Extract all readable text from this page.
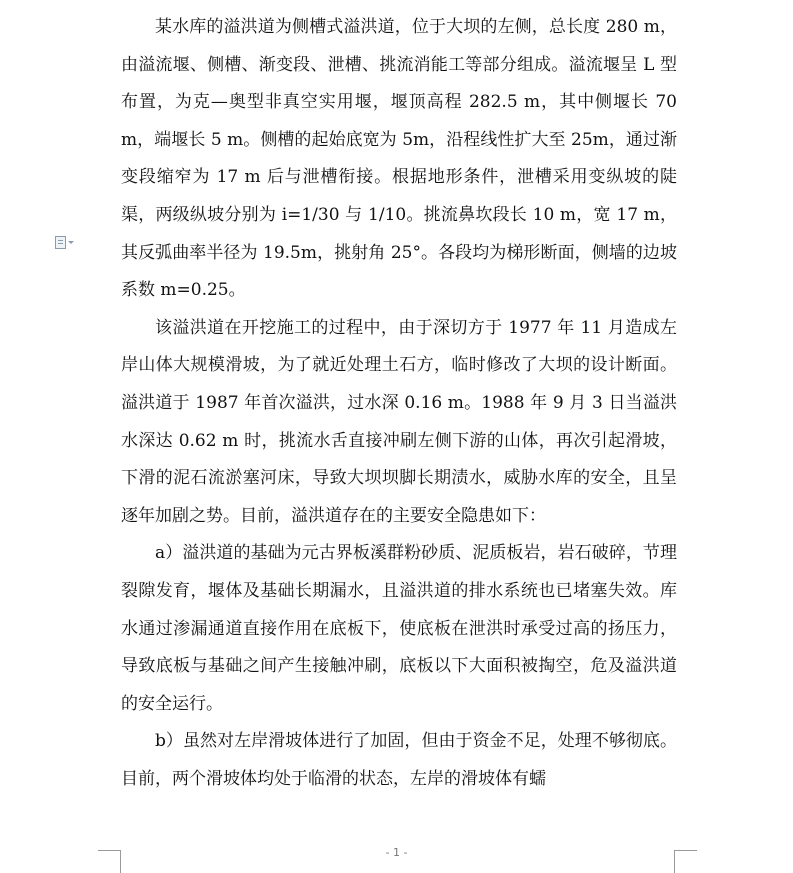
某水库的溢洪道为侧槽式溢洪道，位于大坝的左侧，总长度 280 m，由溢流堰、侧槽、渐变段、泄槽、挑流消能工等部分组成。溢流堰呈 L 型布置，为克—奥型非真空实用堰，堰顶高程 282.5 m，其中侧堰长 70 m，端堰长 5 m。侧槽的起始底宽为 5m，沿程线性扩大至 25m，通过渐变段缩窄为 17 m 后与泄槽衔接。根据地形条件，泄槽采用变纵坡的陡渠，两级纵坡分别为 i=1/30 与 1/10。挑流鼻坎段长 10 m，宽 17 m，其反弧曲率半径为 19.5m，挑射角 25°。各段均为梯形断面，侧墙的边坡系数 m=0.25。

该溢洪道在开挖施工的过程中，由于深切方于 1977 年 11 月造成左岸山体大规模滑坡，为了就近处理土石方，临时修改了大坝的设计断面。溢洪道于 1987 年首次溢洪，过水深 0.16 m。1988 年 9 月 3 日当溢洪水深达 0.62 m 时，挑流水舌直接冲刷左侧下游的山体，再次引起滑坡，下滑的泥石流淤塞河床，导致大坝坝脚长期渍水，威胁水库的安全，且呈逐年加剧之势。目前，溢洪道存在的主要安全隐患如下：

a）溢洪道的基础为元古界板溪群粉砂质、泥质板岩，岩石破碎，节理裂隙发育，堰体及基础长期漏水，且溢洪道的排水系统也已堵塞失效。库水通过渗漏通道直接作用在底板下，使底板在泄洪时承受过高的扬压力，导致底板与基础之间产生接触冲刷，底板以下大面积被掏空，危及溢洪道的安全运行。

b）虽然对左岸滑坡体进行了加固，但由于资金不足，处理不够彻底。目前，两个滑坡体均处于临滑的状态，左岸的滑坡体有蠕

- 1 -
